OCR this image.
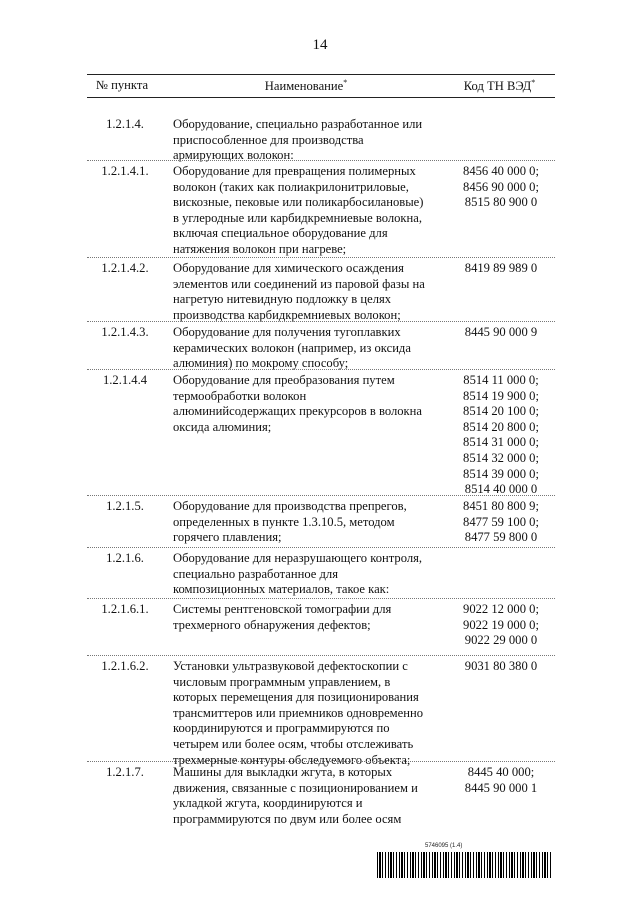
14
№ пункта	Наименование*	Код ТН ВЭД*
1.2.1.4.	Оборудование, специально разработанное или
приспособленное для производства
армирующих волокон:
1.2.1.4.1.	Оборудование для превращения полимерных
волокон (таких как полиакрилонитриловые,
вискозные, пековые или поликарбосилановые)
в углеродные или карбидкремниевые волокна,
включая специальное оборудование для
натяжения волокон при нагреве;
8456 40 000 0;
8456 90 000 0;
8515 80 900 0
1.2.1.4.2.	Оборудование для химического осаждения
элементов или соединений из паровой фазы на
нагретую нитевидную подложку в целях
производства карбидкремниевых волокон;
8419 89 989 0
1.2.1.4.3.	Оборудование для получения тугоплавких
керамических волокон (например, из оксида
алюминия) по мокрому способу;
8445 90 000 9
1.2.1.4.4	Оборудование для преобразования путем
термообработки волокон
алюминийсодержащих прекурсоров в волокна
оксида алюминия;
8514 11 000 0;
8514 19 900 0;
8514 20 100 0;
8514 20 800 0;
8514 31 000 0;
8514 32 000 0;
8514 39 000 0;
8514 40 000 0
1.2.1.5.	Оборудование для производства препрегов,
определенных в пункте 1.3.10.5, методом
горячего плавления;
8451 80 800 9;
8477 59 100 0;
8477 59 800 0
1.2.1.6.	Оборудование для неразрушающего контроля,
специально разработанное для
композиционных материалов, такое как:
1.2.1.6.1.	Системы рентгеновской томографии для
трехмерного обнаружения дефектов;
9022 12 000 0;
9022 19 000 0;
9022 29 000 0
1.2.1.6.2.	Установки ультразвуковой дефектоскопии с
числовым программным управлением, в
которых перемещения для позиционирования
трансмиттеров или приемников одновременно
координируются и программируются по
четырем или более осям, чтобы отслеживать
трехмерные контуры обследуемого объекта;
9031 80 380 0
1.2.1.7.	Машины для выкладки жгута, в которых
движения, связанные с позиционированием и
укладкой жгута, координируются и
программируются по двум или более осям
8445 40 000;
8445 90 000 1
5746095 (1.4)
